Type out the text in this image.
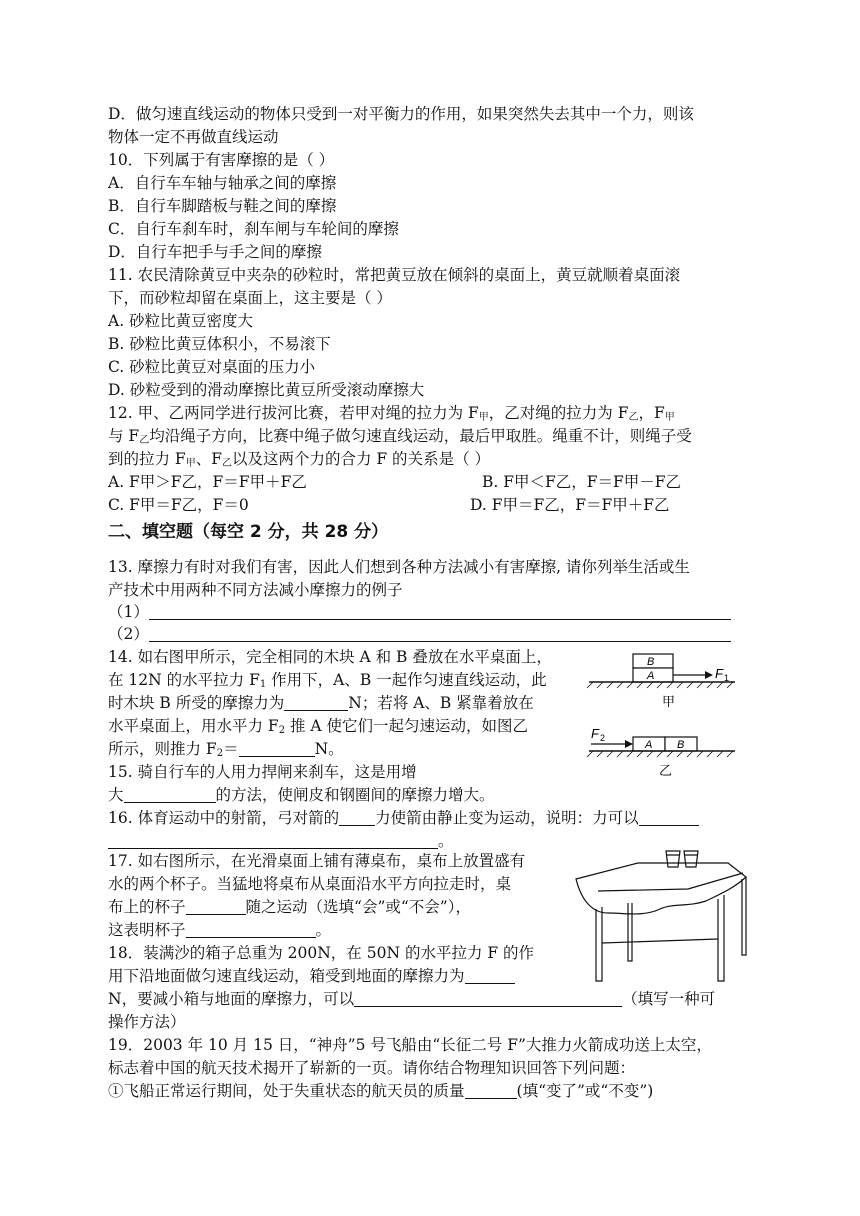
D．做匀速直线运动的物体只受到一对平衡力的作用，如果突然失去其中一个力，则该
物体一定不再做直线运动
10．下列属于有害摩擦的是（ ）
A．自行车车轴与轴承之间的摩擦
B．自行车脚踏板与鞋之间的摩擦
C．自行车刹车时，刹车闸与车轮间的摩擦
D．自行车把手与手之间的摩擦
11. 农民清除黄豆中夹杂的砂粒时，常把黄豆放在倾斜的桌面上，黄豆就顺着桌面滚
下，而砂粒却留在桌面上，这主要是（ ）
A. 砂粒比黄豆密度大
B. 砂粒比黄豆体积小，不易滚下
C. 砂粒比黄豆对桌面的压力小
D. 砂粒受到的滑动摩擦比黄豆所受滚动摩擦大
12. 甲、乙两同学进行拔河比赛，若甲对绳的拉力为 $F_甲$，乙对绳的拉力为 $F_乙$，$F_甲$
与 $F_乙$均沿绳子方向，比赛中绳子做匀速直线运动，最后甲取胜。绳重不计，则绳子受
到的拉力 $F_甲$、$F_乙$以及这两个力的合力 F 的关系是（ ）
A. F甲＞F乙，F＝F甲＋F乙	B. F甲＜F乙，F＝F甲－F乙
C. F甲＝F乙，F＝0	D. F甲＝F乙，F＝F甲＋F乙
二、填空题（每空 2 分，共 28 分）
13. 摩擦力有时对我们有害，因此人们想到各种方法减小有害摩擦, 请你列举生活或生
产技术中用两种不同方法减小摩擦力的例子
（1）
（2）
14. 如右图甲所示，完全相同的木块 A 和 B 叠放在水平桌面上，
在 12N 的水平拉力 $F_1$ 作用下，A、B 一起作匀速直线运动，此
时木块 B 所受的摩擦力为	N；若将 A、B 紧靠着放在
水平桌面上，用水平力 $F_2$ 推 A 使它们一起匀速运动，如图乙
所示，则推力 $F_2=$	N。
B
A	F 1
甲
F 2
A B
乙
15. 骑自行车的人用力捍闸来刹车，这是用增
大	的方法，使闸皮和钢圈间的摩擦力增大。
16. 体育运动中的射箭，弓对箭的 力使箭由静止变为运动，说明：力可以
。
17. 如右图所示，在光滑桌面上铺有薄桌布，桌布上放置盛有
水的两个杯子。当猛地将桌布从桌面沿水平方向拉走时，桌
布上的杯子	随之运动（选填“会”或“不会”），
这表明杯子	。
18．装满沙的箱子总重为 200N，在 50N 的水平拉力 F 的作
用下沿地面做匀速直线运动，箱受到地面的摩擦力为
N，要减小箱与地面的摩擦力，可以	（填写一种可
操作方法）
19．2003 年 10 月 15 日，“神舟”5 号飞船由“长征二号 F”大推力火箭成功送上太空，
标志着中国的航天技术揭开了崭新的一页。请你结合物理知识回答下列问题：
①飞船正常运行期间，处于失重状态的航天员的质量	(填“变了”或“不变”)
